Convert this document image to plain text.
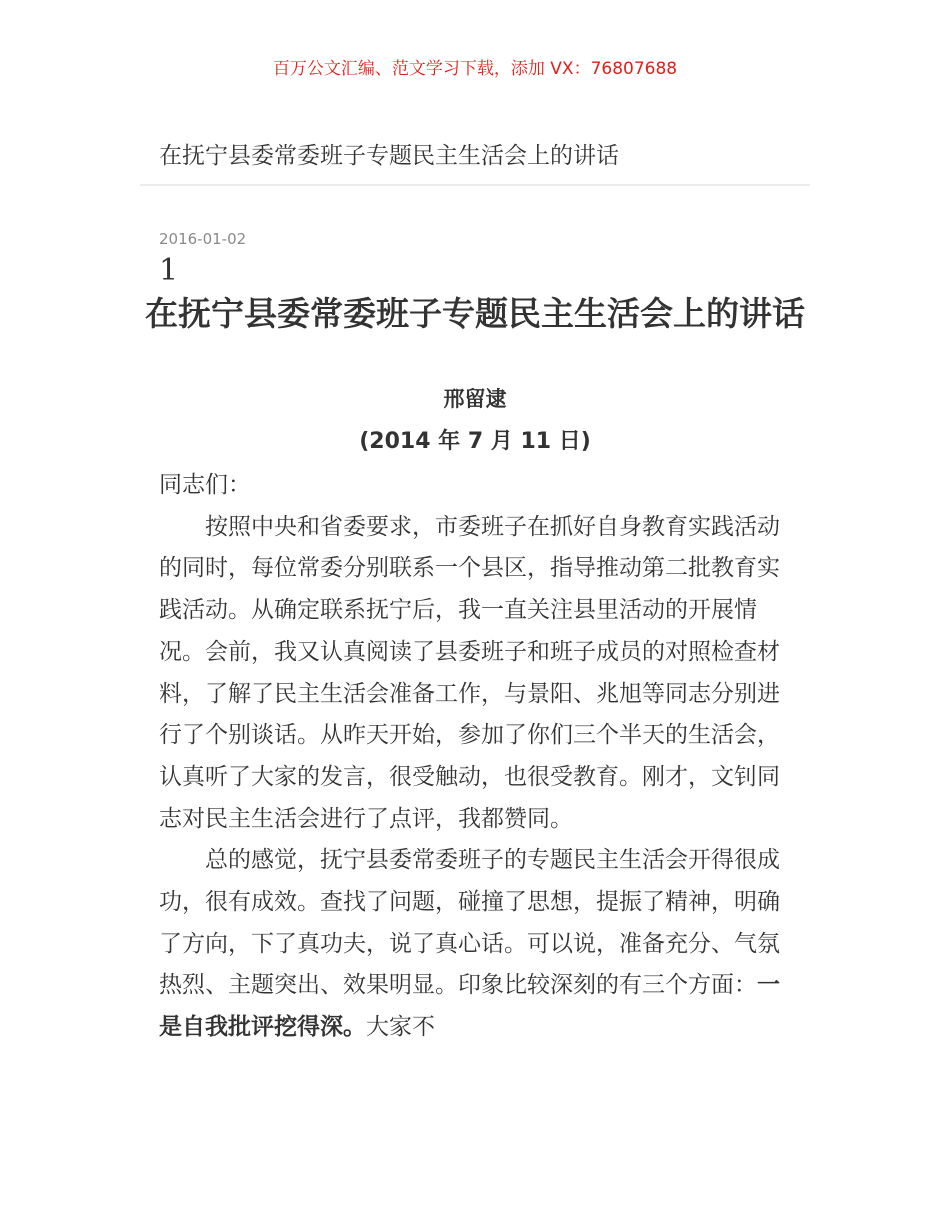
百万公文汇编、范文学习下载，添加 VX：76807688
在抚宁县委常委班子专题民主生活会上的讲话
2016-01-02
1
在抚宁县委常委班子专题民主生活会上的讲话
邢留逮
(2014 年 7 月 11 日)
同志们：
按照中央和省委要求，市委班子在抓好自身教育实践活动的同时，每位常委分别联系一个县区，指导推动第二批教育实践活动。从确定联系抚宁后，我一直关注县里活动的开展情况。会前，我又认真阅读了县委班子和班子成员的对照检查材料，了解了民主生活会准备工作，与景阳、兆旭等同志分别进行了个别谈话。从昨天开始，参加了你们三个半天的生活会，认真听了大家的发言，很受触动，也很受教育。刚才，文钊同志对民主生活会进行了点评，我都赞同。
总的感觉，抚宁县委常委班子的专题民主生活会开得很成功，很有成效。查找了问题，碰撞了思想，提振了精神，明确了方向，下了真功夫，说了真心话。可以说，准备充分、气氛热烈、主题突出、效果明显。印象比较深刻的有三个方面：一是自我批评挖得深。大家不
